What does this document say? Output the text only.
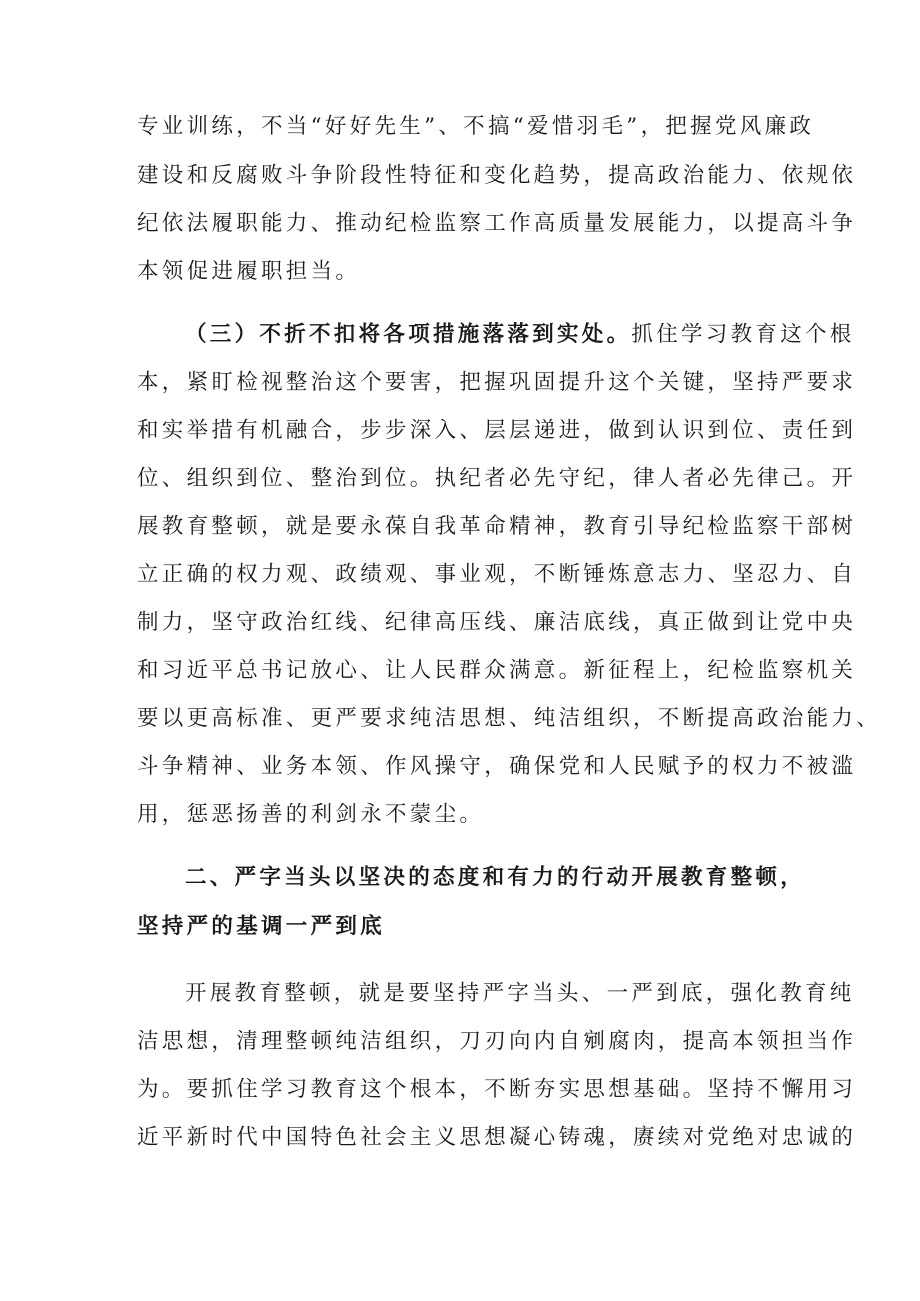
专业训练，不当“好好先生”、不搞“爱惜羽毛”，把握党风廉政
建设和反腐败斗争阶段性特征和变化趋势，提高政治能力、依规依
纪依法履职能力、推动纪检监察工作高质量发展能力，以提高斗争
本领促进履职担当。
（三）不折不扣将各项措施落落到实处。抓住学习教育这个根
本，紧盯检视整治这个要害，把握巩固提升这个关键，坚持严要求
和实举措有机融合，步步深入、层层递进，做到认识到位、责任到
位、组织到位、整治到位。执纪者必先守纪，律人者必先律己。开
展教育整顿，就是要永葆自我革命精神，教育引导纪检监察干部树
立正确的权力观、政绩观、事业观，不断锤炼意志力、坚忍力、自
制力，坚守政治红线、纪律高压线、廉洁底线，真正做到让党中央
和习近平总书记放心、让人民群众满意。新征程上，纪检监察机关
要以更高标准、更严要求纯洁思想、纯洁组织，不断提高政治能力、
斗争精神、业务本领、作风操守，确保党和人民赋予的权力不被滥
用，惩恶扬善的利剑永不蒙尘。
二、严字当头以坚决的态度和有力的行动开展教育整顿，
坚持严的基调一严到底
开展教育整顿，就是要坚持严字当头、一严到底，强化教育纯
洁思想，清理整顿纯洁组织，刀刃向内自剜腐肉，提高本领担当作
为。要抓住学习教育这个根本，不断夯实思想基础。坚持不懈用习
近平新时代中国特色社会主义思想凝心铸魂，赓续对党绝对忠诚的
